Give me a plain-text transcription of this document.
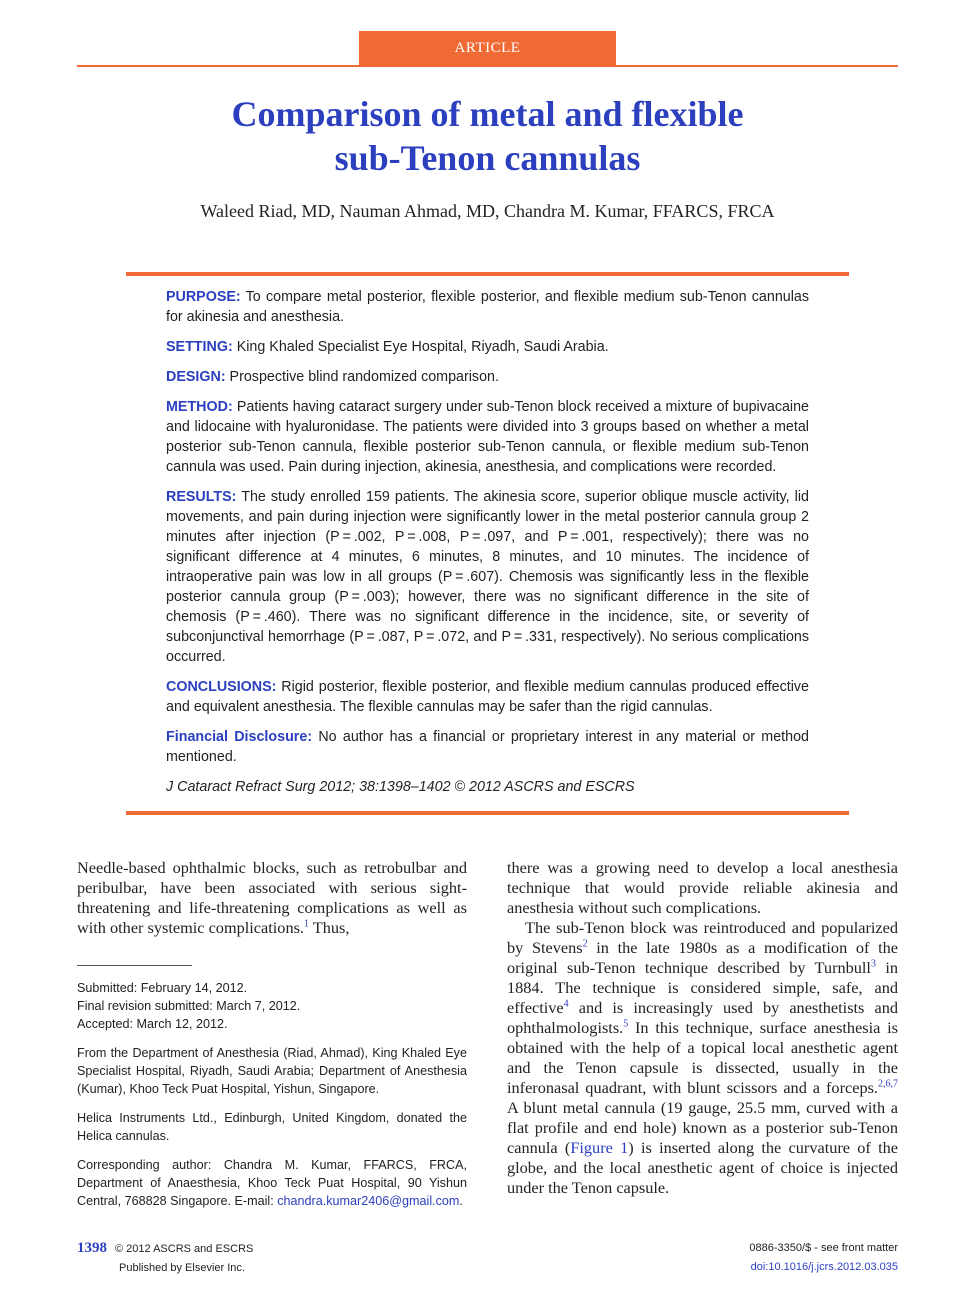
ARTICLE
Comparison of metal and flexible
sub-Tenon cannulas
Waleed Riad, MD, Nauman Ahmad, MD, Chandra M. Kumar, FFARCS, FRCA

PURPOSE: To compare metal posterior, flexible posterior, and flexible medium sub-Tenon cannulas for akinesia and anesthesia.

SETTING: King Khaled Specialist Eye Hospital, Riyadh, Saudi Arabia.

DESIGN: Prospective blind randomized comparison.

METHOD: Patients having cataract surgery under sub-Tenon block received a mixture of bupivacaine and lidocaine with hyaluronidase. The patients were divided into 3 groups based on whether a metal posterior sub-Tenon cannula, flexible posterior sub-Tenon cannula, or flexible medium sub-Tenon cannula was used. Pain during injection, akinesia, anesthesia, and complications were recorded.

RESULTS: The study enrolled 159 patients. The akinesia score, superior oblique muscle activity, lid movements, and pain during injection were significantly lower in the metal posterior cannula group 2 minutes after injection (P = .002, P = .008, P = .097, and P = .001, respectively); there was no significant difference at 4 minutes, 6 minutes, 8 minutes, and 10 minutes. The incidence of intraoperative pain was low in all groups (P = .607). Chemosis was significantly less in the flexible posterior cannula group (P = .003); however, there was no significant difference in the site of chemosis (P = .460). There was no significant difference in the incidence, site, or severity of subconjunctival hemorrhage (P = .087, P = .072, and P = .331, respectively). No serious complications occurred.

CONCLUSIONS: Rigid posterior, flexible posterior, and flexible medium cannulas produced effective and equivalent anesthesia. The flexible cannulas may be safer than the rigid cannulas.

Financial Disclosure: No author has a financial or proprietary interest in any material or method mentioned.

J Cataract Refract Surg 2012; 38:1398–1402 © 2012 ASCRS and ESCRS

Needle-based ophthalmic blocks, such as retrobulbar and peribulbar, have been associated with serious sight-threatening and life-threatening complications as well as with other systemic complications.$^1$ Thus,

Submitted: February 14, 2012.

Final revision submitted: March 7, 2012.

Accepted: March 12, 2012.

From the Department of Anesthesia (Riad, Ahmad), King Khaled Eye Specialist Hospital, Riyadh, Saudi Arabia; Department of Anesthesia (Kumar), Khoo Teck Puat Hospital, Yishun, Singapore.

Helica Instruments Ltd., Edinburgh, United Kingdom, donated the Helica cannulas.

Corresponding author: Chandra M. Kumar, FFARCS, FRCA, Department of Anaesthesia, Khoo Teck Puat Hospital, 90 Yishun Central, 768828 Singapore. E-mail: chandra.kumar2406@gmail.com.

there was a growing need to develop a local anesthesia technique that would provide reliable akinesia and anesthesia without such complications.

The sub-Tenon block was reintroduced and popularized by Stevens$^2$ in the late 1980s as a modification of the original sub-Tenon technique described by Turnbull$^3$ in 1884. The technique is considered simple, safe, and effective$^4$ and is increasingly used by anesthetists and ophthalmologists.$^5$ In this technique, surface anesthesia is obtained with the help of a topical local anesthetic agent and the Tenon capsule is dissected, usually in the inferonasal quadrant, with blunt scissors and a forceps.$^{2,6,7}$ A blunt metal cannula (19 gauge, 25.5 mm, curved with a flat profile and end hole) known as a posterior sub-Tenon cannula (Figure 1) is inserted along the curvature of the globe, and the local anesthetic agent of choice is injected under the Tenon capsule.

1398 © 2012 ASCRS and ESCRS
Published by Elsevier Inc.
0886-3350/$ - see front matter
doi:10.1016/j.jcrs.2012.03.035
